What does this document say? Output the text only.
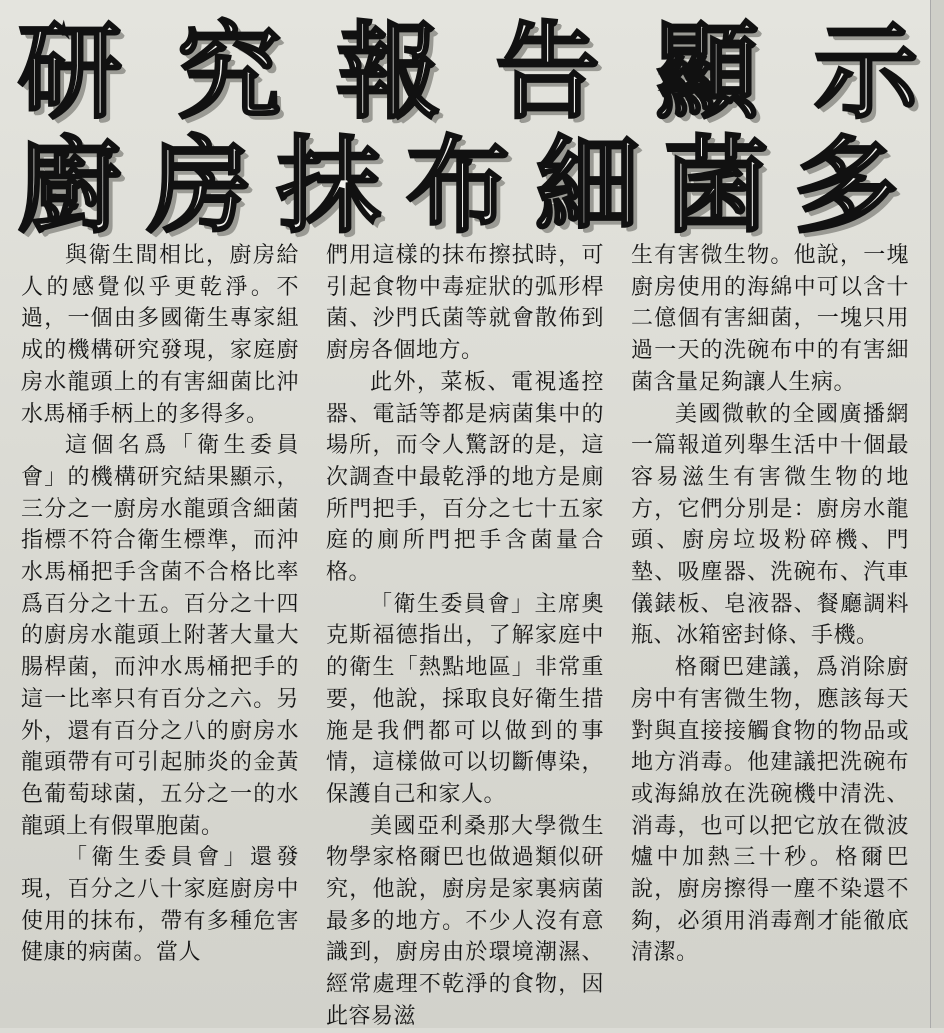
研 究 報 告 顯 示
廚 房 抹 布 細 菌 多

與衛生間相比，廚房給人的感覺似乎更乾淨。不過，一個由多國衛生專家組成的機構研究發現，家庭廚房水龍頭上的有害細菌比沖水馬桶手柄上的多得多。

這個名爲「衛生委員會」的機構研究結果顯示，三分之一廚房水龍頭含細菌指標不符合衛生標準，而沖水馬桶把手含菌不合格比率爲百分之十五。百分之十四的廚房水龍頭上附著大量大腸桿菌，而沖水馬桶把手的這一比率只有百分之六。另外，還有百分之八的廚房水龍頭帶有可引起肺炎的金黃色葡萄球菌，五分之一的水龍頭上有假單胞菌。

「衛生委員會」還發現，百分之八十家庭廚房中使用的抹布，帶有多種危害健康的病菌。當人

們用這樣的抹布擦拭時，可引起食物中毒症狀的弧形桿菌、沙門氏菌等就會散佈到廚房各個地方。

此外，菜板、電視遙控器、電話等都是病菌集中的場所，而令人驚訝的是，這次調查中最乾淨的地方是廁所門把手，百分之七十五家庭的廁所門把手含菌量合格。

「衛生委員會」主席奧克斯福德指出，了解家庭中的衛生「熱點地區」非常重要，他說，採取良好衛生措施是我們都可以做到的事情，這樣做可以切斷傳染，保護自己和家人。

美國亞利桑那大學微生物學家格爾巴也做過類似研究，他說，廚房是家裏病菌最多的地方。不少人沒有意識到，廚房由於環境潮濕、經常處理不乾淨的食物，因此容易滋

生有害微生物。他說，一塊廚房使用的海綿中可以含十二億個有害細菌，一塊只用過一天的洗碗布中的有害細菌含量足夠讓人生病。

美國微軟的全國廣播網一篇報道列舉生活中十個最容易滋生有害微生物的地方，它們分別是：廚房水龍頭、廚房垃圾粉碎機、門墊、吸塵器、洗碗布、汽車儀錶板、皂液器、餐廳調料瓶、冰箱密封條、手機。

格爾巴建議，爲消除廚房中有害微生物，應該每天對與直接接觸食物的物品或地方消毒。他建議把洗碗布或海綿放在洗碗機中清洗、消毒，也可以把它放在微波爐中加熱三十秒。格爾巴說，廚房擦得一塵不染還不夠，必須用消毒劑才能徹底清潔。
